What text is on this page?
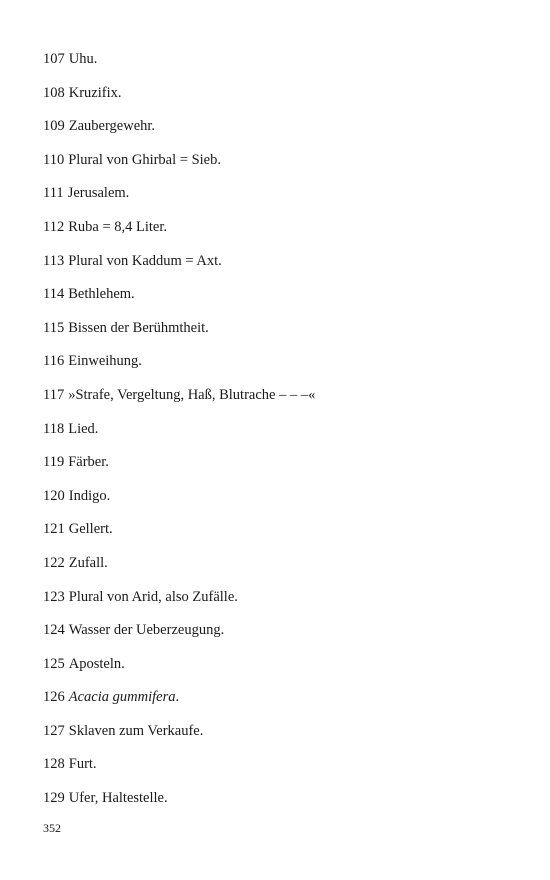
107 Uhu.
108 Kruzifix.
109 Zaubergewehr.
110 Plural von Ghirbal = Sieb.
111 Jerusalem.
112 Ruba = 8,4 Liter.
113 Plural von Kaddum = Axt.
114 Bethlehem.
115 Bissen der Berühmtheit.
116 Einweihung.
117 »Strafe, Vergeltung, Haß, Blutrache – – –«
118 Lied.
119 Färber.
120 Indigo.
121 Gellert.
122 Zufall.
123 Plural von Arid, also Zufälle.
124 Wasser der Ueberzeugung.
125 Aposteln.
126 Acacia gummifera.
127 Sklaven zum Verkaufe.
128 Furt.
129 Ufer, Haltestelle.
352
